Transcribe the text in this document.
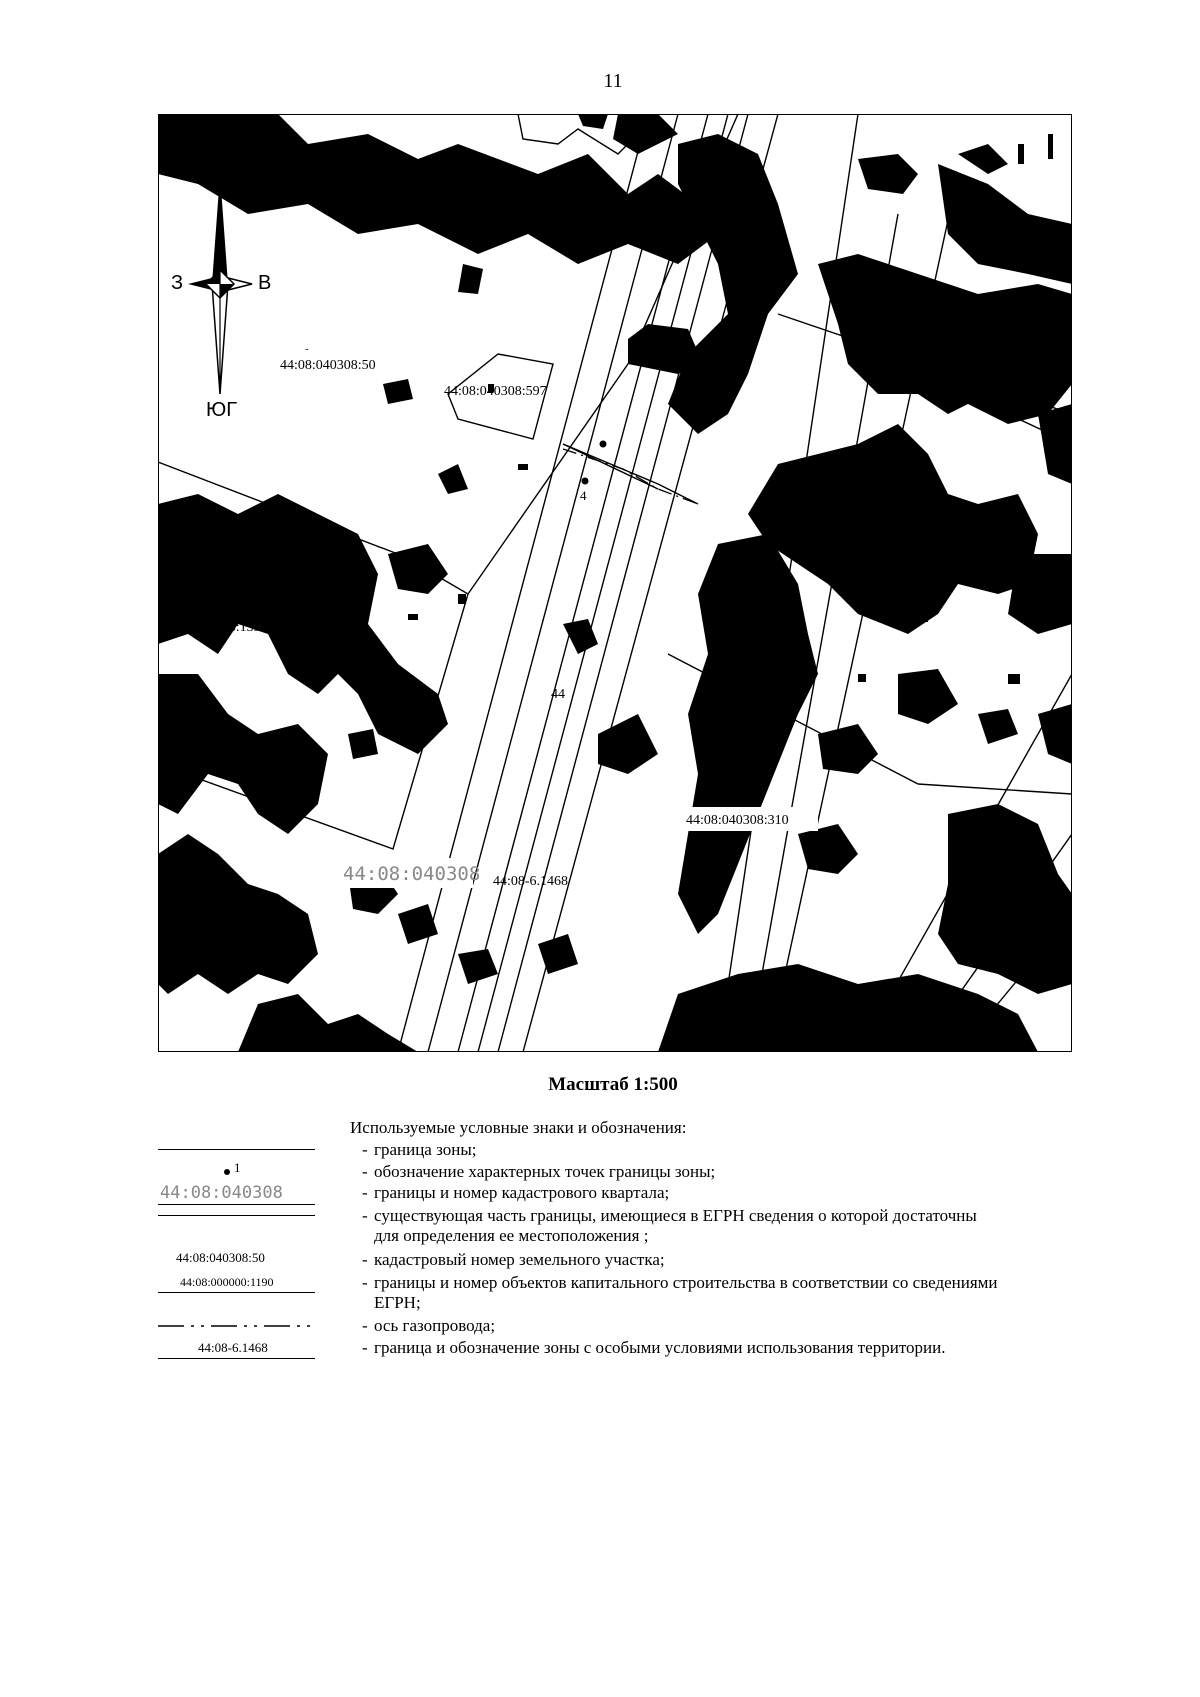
11
З	В
ЮГ
44:08:040308:50
44:08:040308:597
44:08:040308:139
4
44
44:08:040308:310
44:08:040308 44:08-6.1468
Масштаб 1:500
Используемые условные знаки и обозначения:
- граница зоны;
1	- обозначение характерных точек границы зоны;
44:08:040308	- границы и номер кадастрового квартала;
- существующая часть границы, имеющиеся в ЕГРН сведения о которой достаточны
для определения ее местоположения ;
44:08:040308:50	- кадастровый номер земельного участка;
44:08:000000:1190	- границы и номер объектов капитального строительства в соответствии со сведениями
ЕГРН;
- ось газопровода;
44:08-6.1468	- граница и обозначение зоны с особыми условиями использования территории.
